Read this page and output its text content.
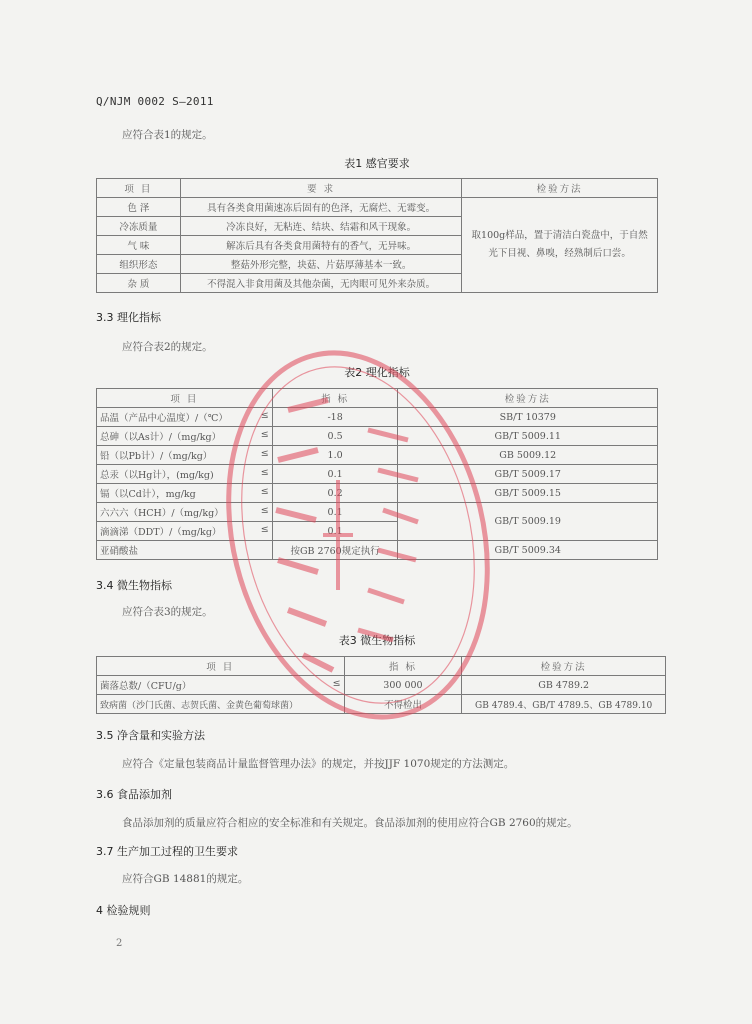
Q/NJM 0002 S—2011
应符合表1的规定。
表1 感官要求
项 目	要 求	检验方法
色 泽	具有各类食用菌速冻后固有的色泽，无腐烂、无霉变。	取100g样品，置于清洁白瓷盘中，于自然光下目视、鼻嗅，经熟制后口尝。
冷冻质量	冷冻良好，无粘连、结块、结霜和风干现象。	
气 味	解冻后具有各类食用菌特有的香气，无异味。	
组织形态	整菇外形完整，块菇、片菇厚薄基本一致。	
杂 质	不得混入非食用菌及其他杂菌，无肉眼可见外来杂质。	
3.3 理化指标
应符合表2的规定。
表2 理化指标
项 目	指 标	检验方法
品温（产品中心温度）/（℃） ≤	-18	SB/T 10379
总砷（以As计）/（mg/kg） ≤	0.5	GB/T 5009.11
铅（以Pb计）/（mg/kg） ≤	1.0	GB 5009.12
总汞（以Hg计），(mg/kg) ≤	0.1	GB/T 5009.17
镉（以Cd计），mg/kg ≤	0.2	GB/T 5009.15
六六六（HCH）/（mg/kg） ≤	0.1	GB/T 5009.19
滴滴涕（DDT）/（mg/kg） ≤	0.1	
亚硝酸盐	按GB 2760规定执行	GB/T 5009.34
3.4 微生物指标
应符合表3的规定。
表3 微生物指标
项 目	指 标	检验方法
菌落总数/（CFU/g） ≤	300 000	GB 4789.2
致病菌（沙门氏菌、志贺氏菌、金黄色葡萄球菌）	不得检出	GB 4789.4、GB/T 4789.5、GB 4789.10
3.5 净含量和实验方法
应符合《定量包装商品计量监督管理办法》的规定，并按JJF 1070规定的方法测定。
3.6 食品添加剂
食品添加剂的质量应符合相应的安全标准和有关规定。食品添加剂的使用应符合GB 2760的规定。
3.7 生产加工过程的卫生要求
应符合GB 14881的规定。
4 检验规则
2
